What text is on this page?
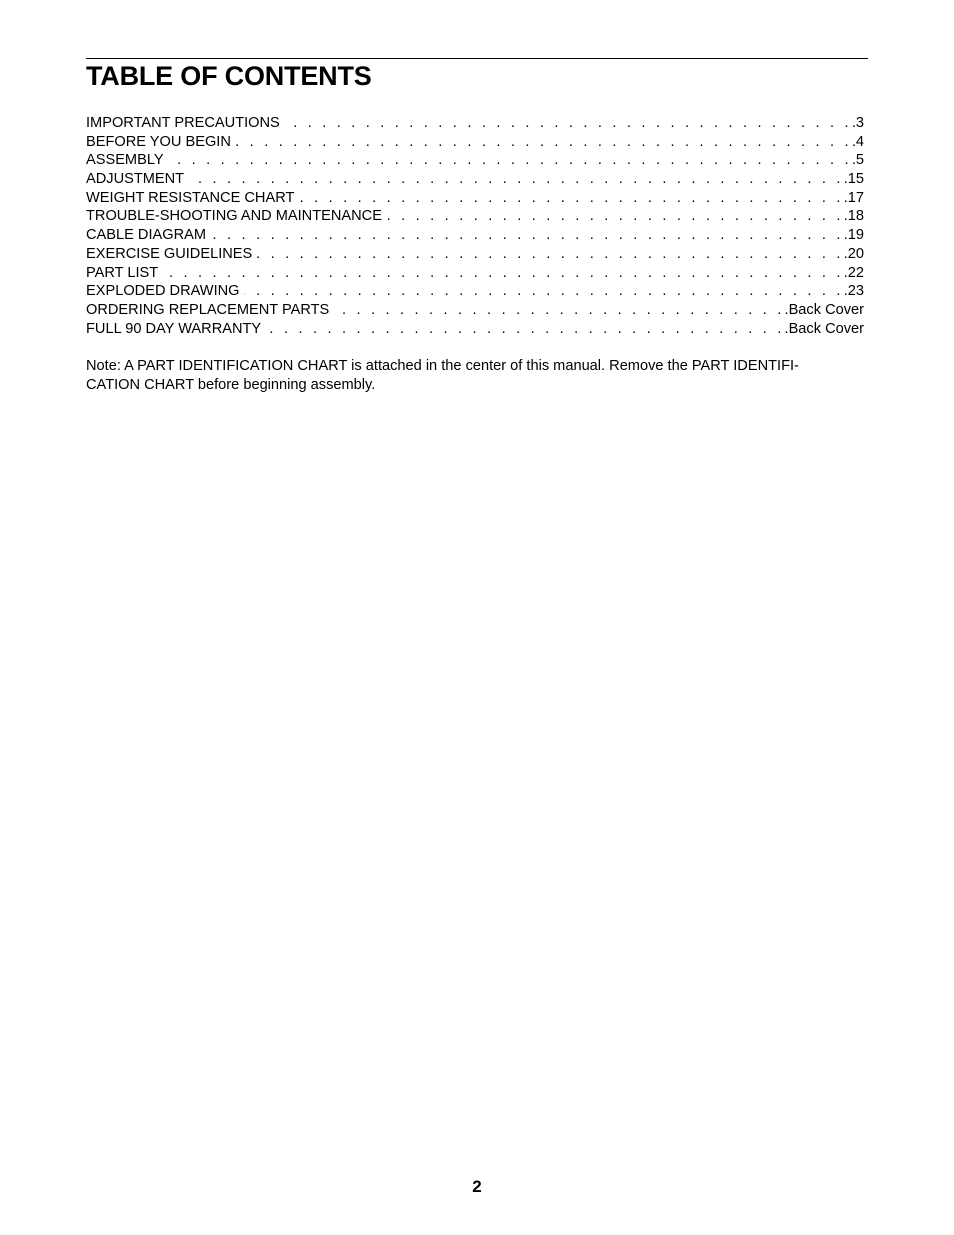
TABLE OF CONTENTS
IMPORTANT PRECAUTIONS . . .	.3
BEFORE YOU BEGIN . . .	.4
ASSEMBLY . . .	.5
ADJUSTMENT . . .	.15
WEIGHT RESISTANCE CHART . . .	.17
TROUBLE-SHOOTING AND MAINTENANCE . . .	.18
CABLE DIAGRAM . . .	.19
EXERCISE GUIDELINES . . .	.20
PART LIST . . .	.22
EXPLODED DRAWING . . .	.23
ORDERING REPLACEMENT PARTS . . .	.Back Cover
FULL 90 DAY WARRANTY . . .	.Back Cover

Note: A PART IDENTIFICATION CHART is attached in the center of this manual. Remove the PART IDENTIFI-
CATION CHART before beginning assembly.

2
